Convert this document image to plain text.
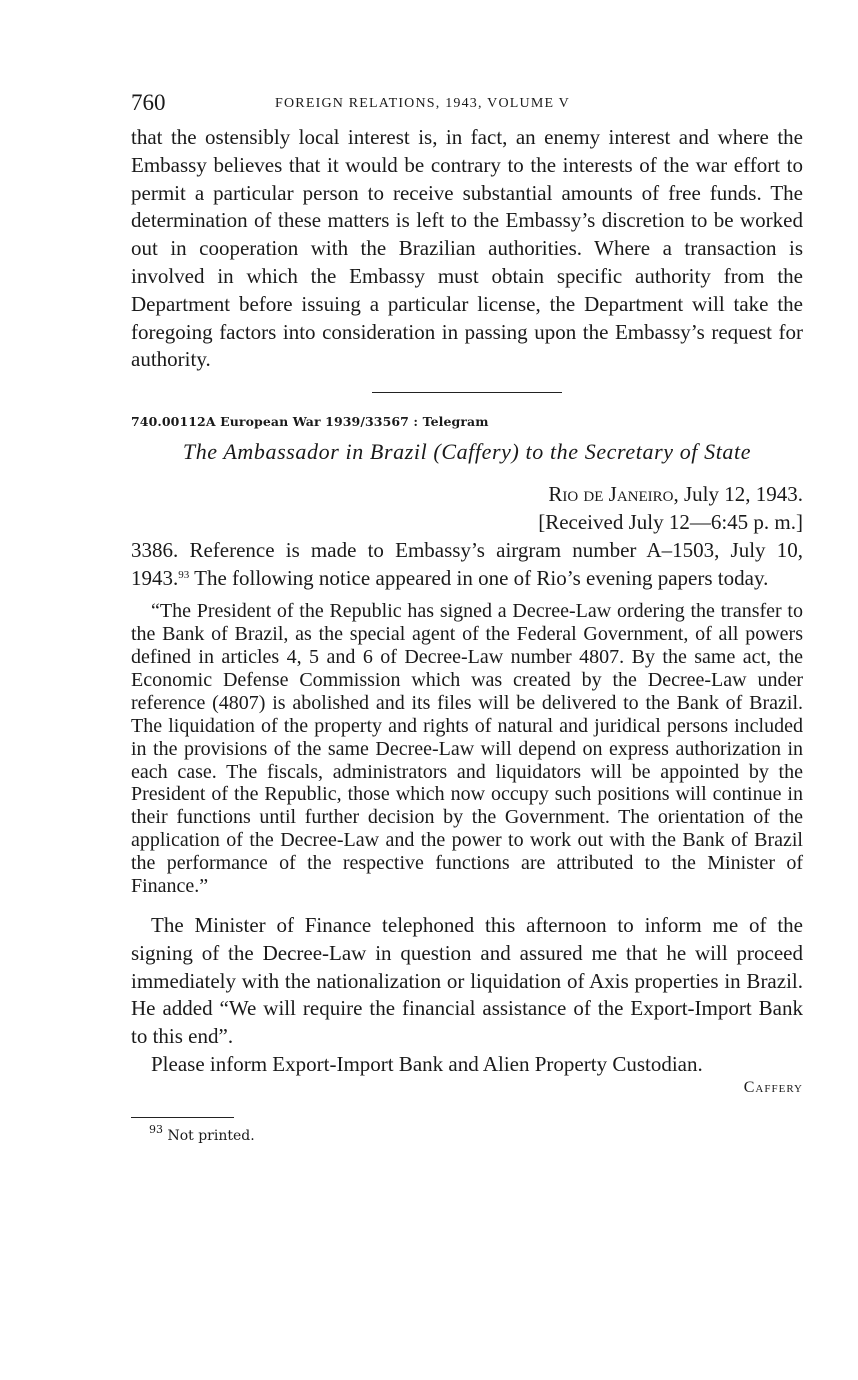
760	FOREIGN RELATIONS, 1943, VOLUME V

that the ostensibly local interest is, in fact, an enemy interest and where the Embassy believes that it would be contrary to the interests of the war effort to permit a particular person to receive substantial amounts of free funds. The determination of these matters is left to the Embassy’s discretion to be worked out in cooperation with the Brazilian authorities. Where a transaction is involved in which the Embassy must obtain specific authority from the Department before issuing a particular license, the Department will take the foregoing factors into consideration in passing upon the Embassy’s request for authority.

740.00112A European War 1939/33567 : Telegram
The Ambassador in Brazil (Caffery) to the Secretary of State
Rio de Janeiro, July 12, 1943.
[Received July 12—6:45 p. m.]

3386. Reference is made to Embassy’s airgram number A–1503, July 10, 1943.93 The following notice appeared in one of Rio’s evening papers today.

“The President of the Republic has signed a Decree-Law ordering the transfer to the Bank of Brazil, as the special agent of the Federal Government, of all powers defined in articles 4, 5 and 6 of Decree-Law number 4807. By the same act, the Economic Defense Commission which was created by the Decree-Law under reference (4807) is abolished and its files will be delivered to the Bank of Brazil. The liquidation of the property and rights of natural and juridical persons included in the provisions of the same Decree-Law will depend on express authorization in each case. The fiscals, administrators and liquidators will be appointed by the President of the Republic, those which now occupy such positions will continue in their functions until further decision by the Government. The orientation of the application of the Decree-Law and the power to work out with the Bank of Brazil the performance of the respective functions are attributed to the Minister of Finance.”

The Minister of Finance telephoned this afternoon to inform me of the signing of the Decree-Law in question and assured me that he will proceed immediately with the nationalization or liquidation of Axis properties in Brazil. He added “We will require the financial assistance of the Export-Import Bank to this end”.

Please inform Export-Import Bank and Alien Property Custodian.

Caffery
$^{93}$ Not printed.
